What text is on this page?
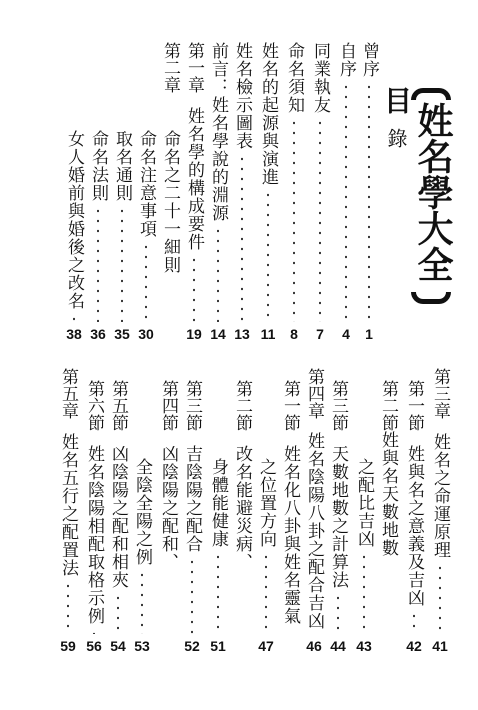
姓名學大全
目
錄
曾序
1
自序
4
同業執友
7
命名須知
8
姓名的起源與演進
11
姓名檢示圖表
13
前言：姓名學說的淵源
14
第一章
姓名學的構成要件
19
第二章
命名之二十一細則
命名注意事項
30
取名通則
35
命名法則
36
女人婚前與婚後之改名
38
第三章
姓名之命運原理
41
第一節
姓與名之意義及吉凶
42
第二節
姓與名天數地數
之配比吉凶
43
第三節
天數地數之計算法
44
第四章
姓名陰陽八卦之配合吉凶
46
第一節
姓名化八卦與姓名靈氣
之位置方向
47
第二節
改名能避災病、
身體能健康
51
第三節
吉陰陽之配合
52
第四節
凶陰陽之配和、
全陰全陽之例
53
第五節
凶陰陽之配和相夾
54
第六節
姓名陰陽相配取格示例
56
第五章
姓名五行之配置法
59
